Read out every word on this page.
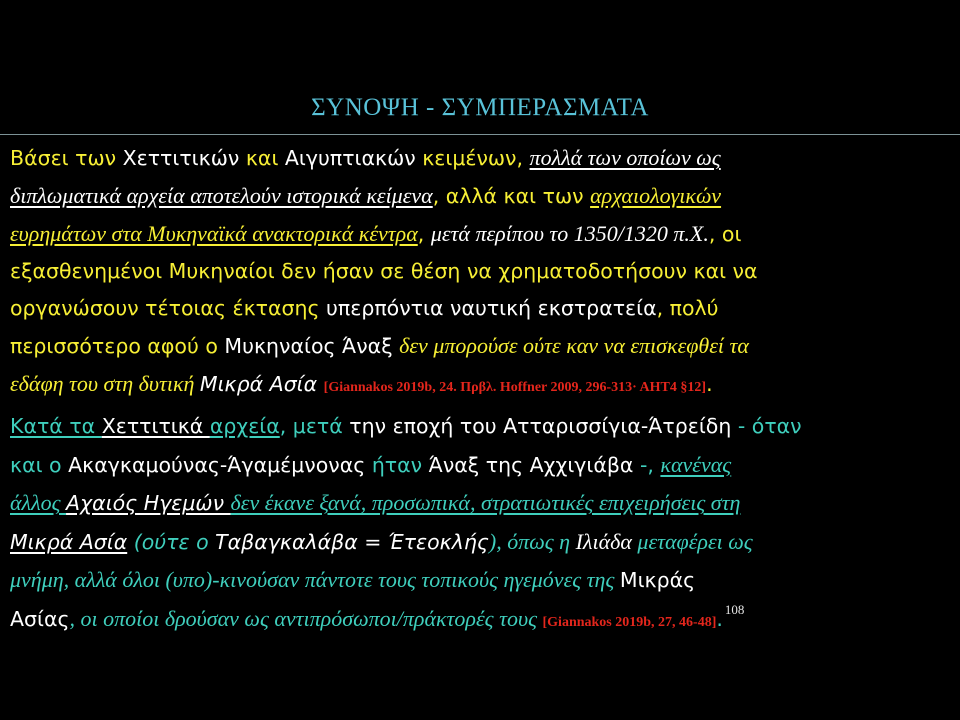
ΣΥΝΟΨΗ - ΣΥΜΠΕΡΑΣΜΑΤΑ
Βάσει των Χεττιτικών και Αιγυπτιακών κειμένων, πολλά των οποίων ως
διπλωματικά αρχεία αποτελούν ιστορικά κείμενα, αλλά και των αρχαιολογικών
ευρημάτων στα Μυκηναϊκά ανακτορικά κέντρα, μετά περίπου το 1350/1320 π.Χ., οι
εξασθενημένοι Μυκηναίοι δεν ήσαν σε θέση να χρηματοδοτήσουν και να
οργανώσουν τέτοιας έκτασης υπερπόντια ναυτική εκστρατεία, πολύ
περισσότερο αφού ο Μυκηναίος Άναξ δεν μπορούσε ούτε καν να επισκεφθεί τα
εδάφη του στη δυτική Μικρά Ασία [Giannakos 2019b, 24. Πρβλ. Hoffner 2009, 296-313· AHT4 §12].
Κατά τα Χεττιτικά αρχεία, μετά την εποχή του Ατταρισσίγια-Άτρείδη - όταν
και ο Ακαγκαμούνας-Άγαμέμνονας ήταν Άναξ της Αχχιγιάβα -, κανένας
άλλος Αχαιός Ηγεμών δεν έκανε ξανά, προσωπικά, στρατιωτικές επιχειρήσεις στη
Μικρά Ασία (ούτε ο Ταβαγκαλάβα = Έτεοκλής), όπως η Ιλιάδα μεταφέρει ως
μνήμη, αλλά όλοι (υπο)-κινούσαν πάντοτε τους τοπικούς ηγεμόνες της Μικράς
Ασίας, οι οποίοι δρούσαν ως αντιπρόσωποι/πράκτορές τους [Giannakos 2019b, 27, 46-48]. $^{108}$
